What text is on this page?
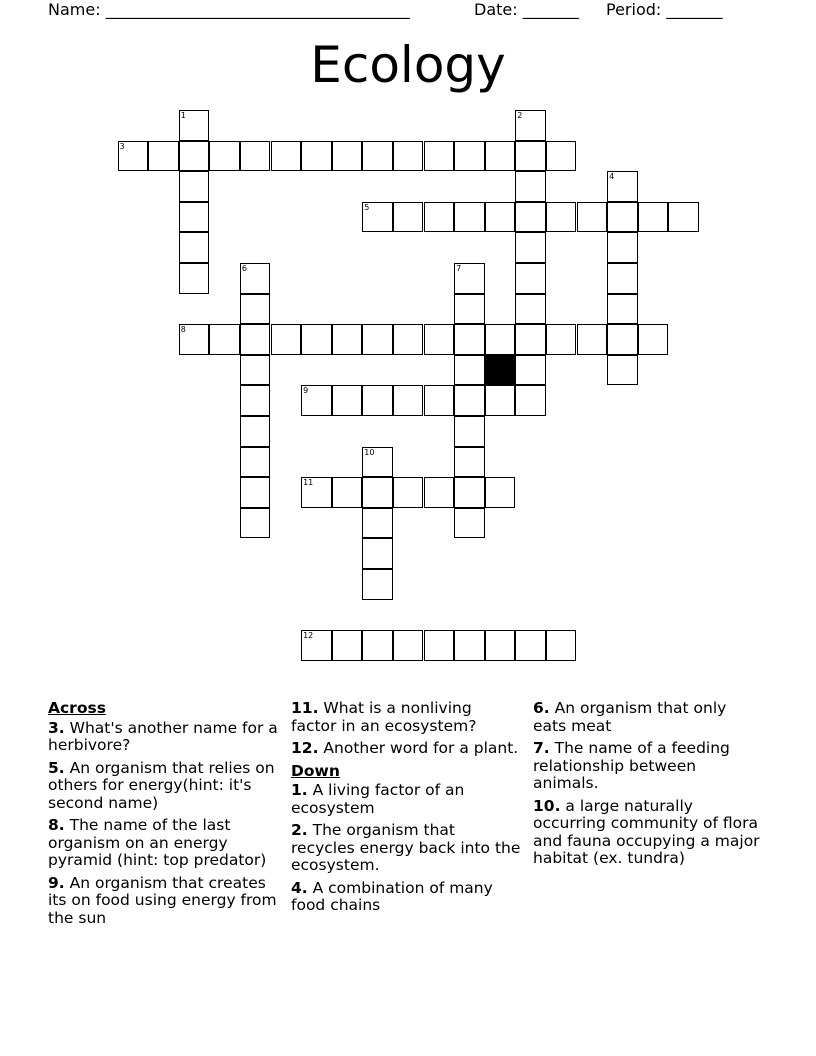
Name: ______________________________________	Date: _______ Period: _______
Ecology
1	2
3
4
5
6	7
8
9
10
11
12
Across
3. What's another name for a herbivore?
5. An organism that relies on others for energy(hint: it's second name)
8. The name of the last organism on an energy pyramid (hint: top predator)
9. An organism that creates its on food using energy from the sun
11. What is a nonliving factor in an ecosystem?
12. Another word for a plant.
Down
1. A living factor of an ecosystem
2. The organism that recycles energy back into the ecosystem.
4. A combination of many food chains
6. An organism that only eats meat
7. The name of a feeding relationship between animals.
10. a large naturally occurring community of flora and fauna occupying a major habitat (ex. tundra)
